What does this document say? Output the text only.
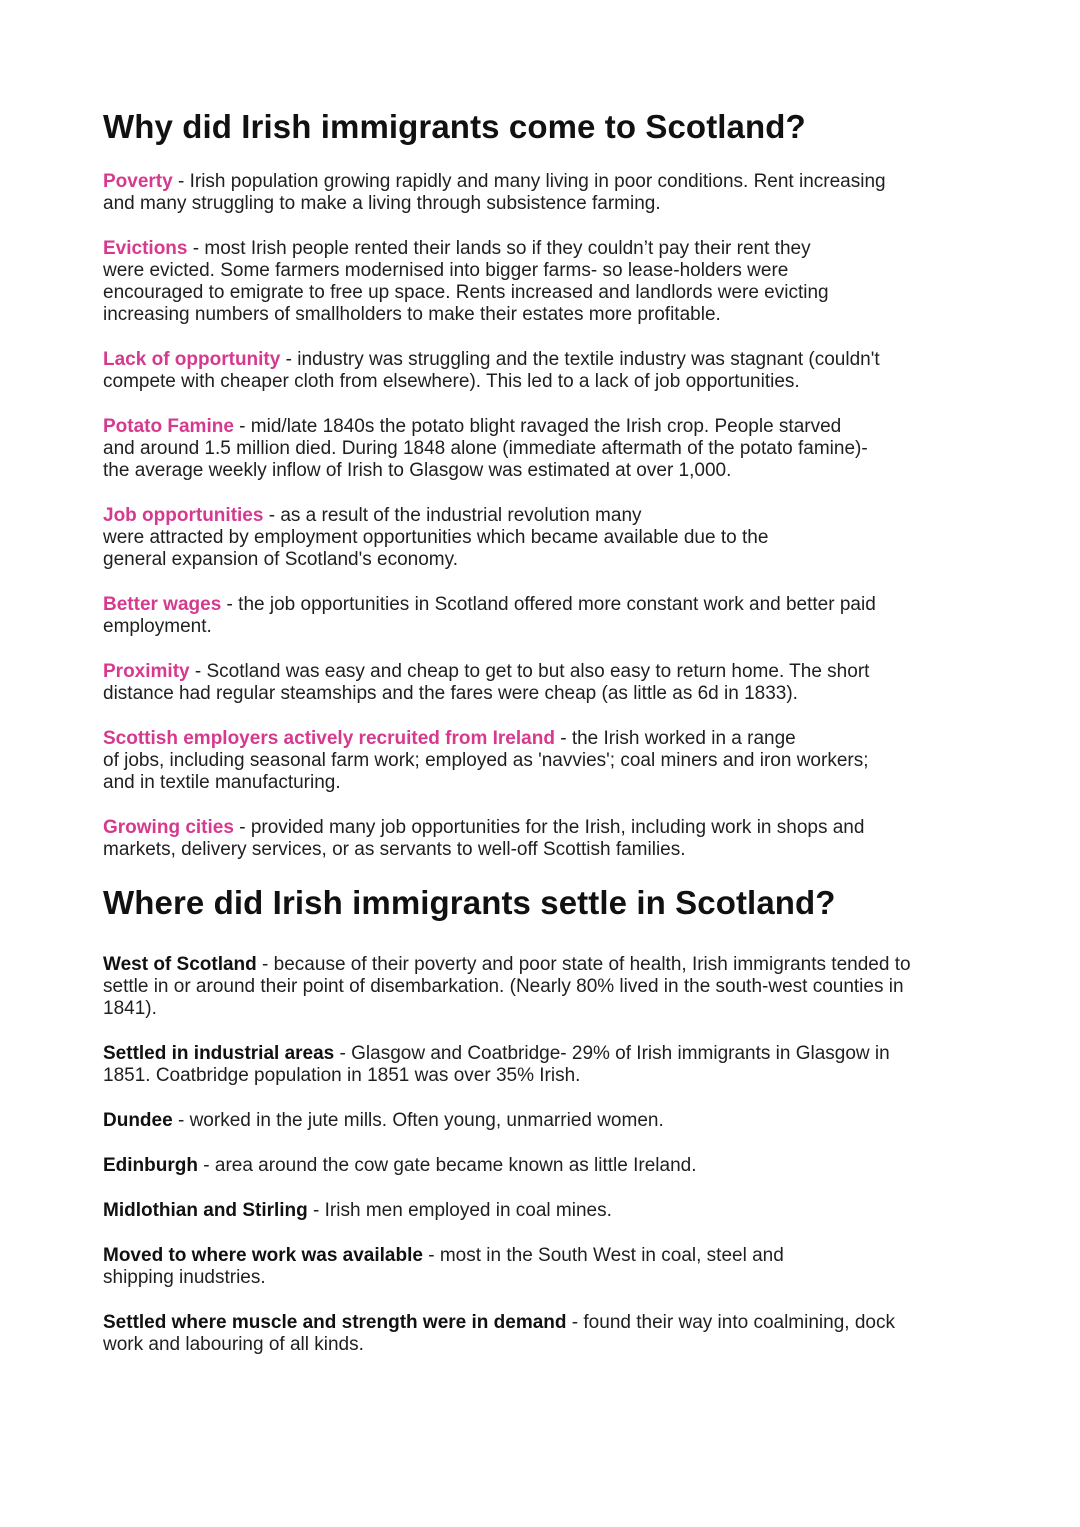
Why did Irish immigrants come to Scotland?

Poverty - Irish population growing rapidly and many living in poor conditions. Rent increasing
and many struggling to make a living through subsistence farming.

Evictions - most Irish people rented their lands so if they couldn’t pay their rent they
were evicted. Some farmers modernised into bigger farms- so lease-holders were
encouraged to emigrate to free up space. Rents increased and landlords were evicting
increasing numbers of smallholders to make their estates more profitable.

Lack of opportunity - industry was struggling and the textile industry was stagnant (couldn't
compete with cheaper cloth from elsewhere). This led to a lack of job opportunities.

Potato Famine - mid/late 1840s the potato blight ravaged the Irish crop. People starved
and around 1.5 million died. During 1848 alone (immediate aftermath of the potato famine)-
the average weekly inflow of Irish to Glasgow was estimated at over 1,000.

Job opportunities - as a result of the industrial revolution many
were attracted by employment opportunities which became available due to the
general expansion of Scotland's economy.

Better wages - the job opportunities in Scotland offered more constant work and better paid
employment.

Proximity - Scotland was easy and cheap to get to but also easy to return home. The short
distance had regular steamships and the fares were cheap (as little as 6d in 1833).

Scottish employers actively recruited from Ireland - the Irish worked in a range
of jobs, including seasonal farm work; employed as 'navvies'; coal miners and iron workers;
and in textile manufacturing.

Growing cities - provided many job opportunities for the Irish, including work in shops and
markets, delivery services, or as servants to well-off Scottish families.

Where did Irish immigrants settle in Scotland?

West of Scotland - because of their poverty and poor state of health, Irish immigrants tended to
settle in or around their point of disembarkation. (Nearly 80% lived in the south-west counties in
1841).

Settled in industrial areas - Glasgow and Coatbridge- 29% of Irish immigrants in Glasgow in
1851. Coatbridge population in 1851 was over 35% Irish.

Dundee - worked in the jute mills. Often young, unmarried women.

Edinburgh - area around the cow gate became known as little Ireland.

Midlothian and Stirling - Irish men employed in coal mines.

Moved to where work was available - most in the South West in coal, steel and
shipping inudstries.

Settled where muscle and strength were in demand - found their way into coalmining, dock
work and labouring of all kinds.
